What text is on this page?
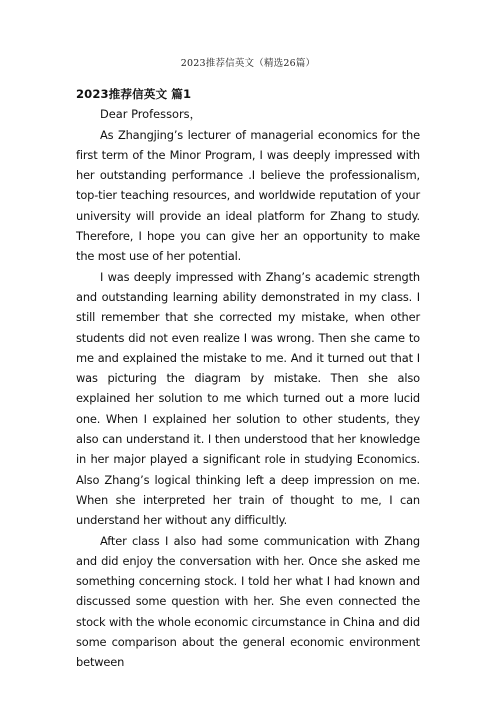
2023推荐信英文（精选26篇）

2023推荐信英文 篇1

Dear Professors，

As Zhangjing’s lecturer of managerial economics for the first term of the Minor Program, I was deeply impressed with her outstanding performance .I believe the professionalism, top-tier teaching resources, and worldwide reputation of your university will provide an ideal platform for Zhang to study. Therefore, I hope you can give her an opportunity to make the most use of her potential.

I was deeply impressed with Zhang’s academic strength and outstanding learning ability demonstrated in my class. I still remember that she corrected my mistake, when other students did not even realize I was wrong. Then she came to me and explained the mistake to me. And it turned out that I was picturing the diagram by mistake. Then she also explained her solution to me which turned out a more lucid one. When I explained her solution to other students, they also can understand it. I then understood that her knowledge in her major played a significant role in studying Economics. Also Zhang’s logical thinking left a deep impression on me. When she interpreted her train of thought to me, I can understand her without any difficultly.

After class I also had some communication with Zhang and did enjoy the conversation with her. Once she asked me something concerning stock. I told her what I had known and discussed some question with her. She even connected the stock with the whole economic circumstance in China and did some comparison about the general economic environment between
